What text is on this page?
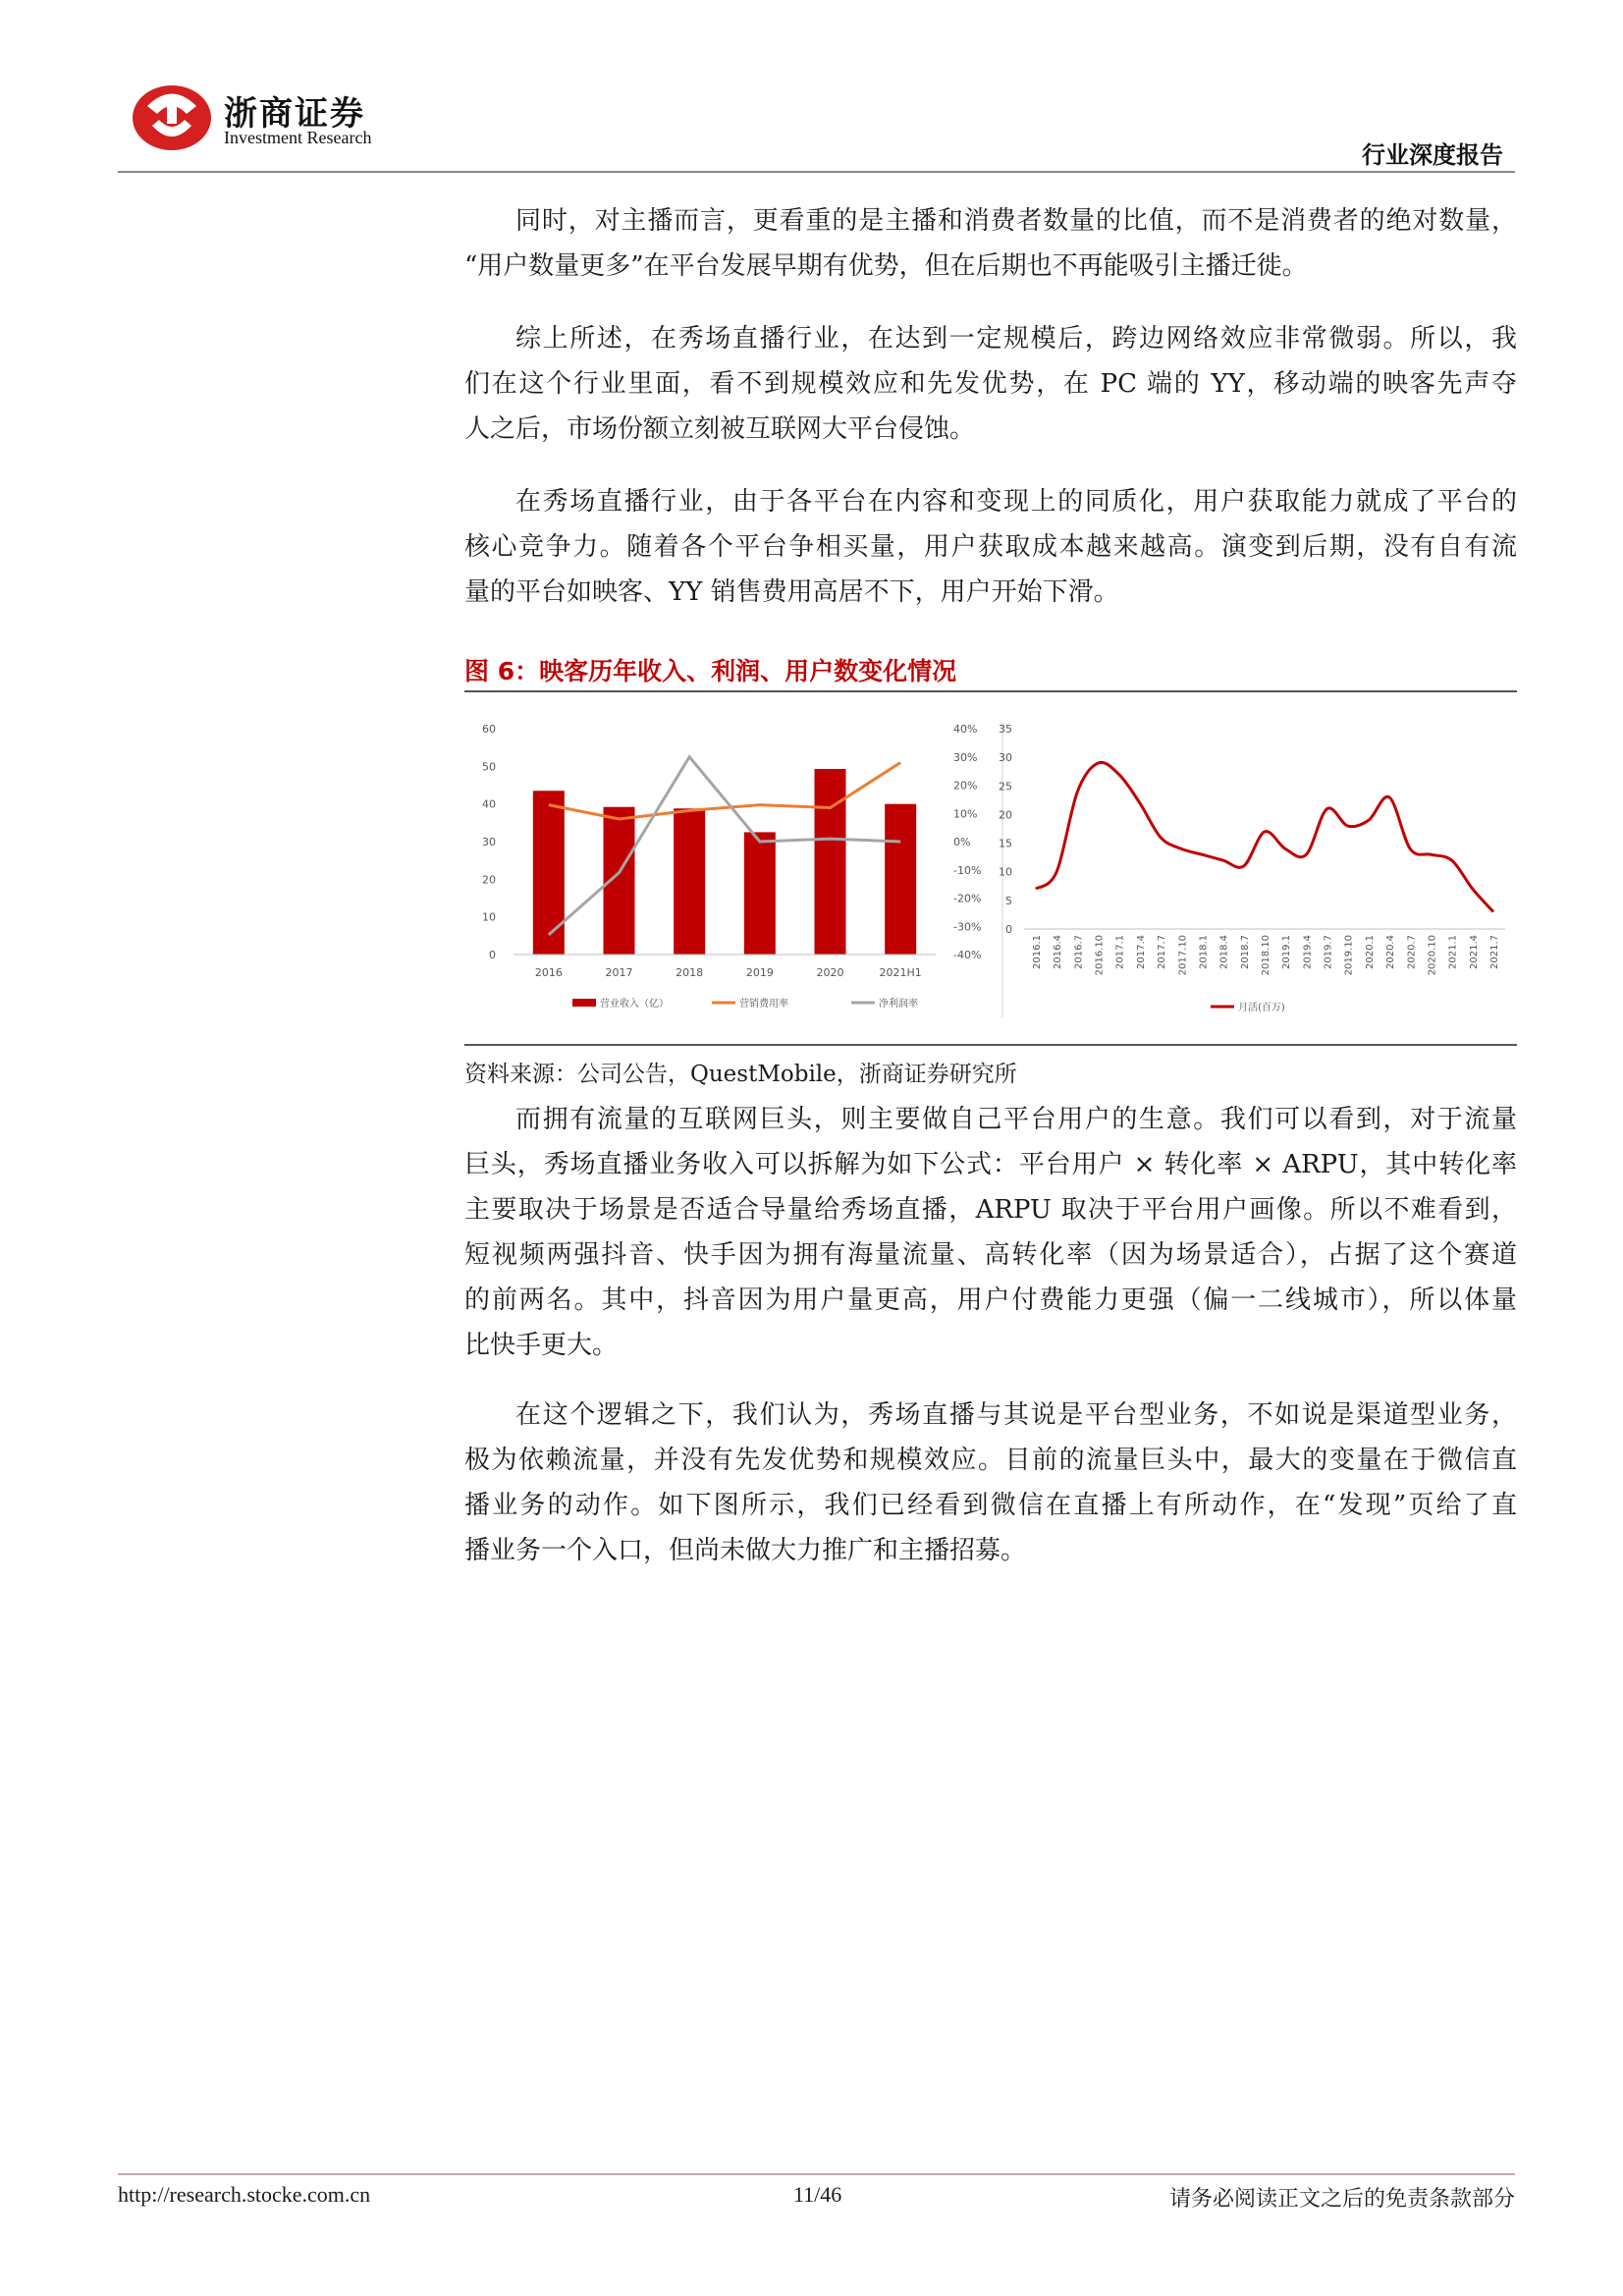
浙商证券
Investment Research
行业深度报告
同时，对主播而言，更看重的是主播和消费者数量的比值，而不是消费者的绝对数量，
“用户数量更多”在平台发展早期有优势，但在后期也不再能吸引主播迁徙。
综上所述，在秀场直播行业，在达到一定规模后，跨边网络效应非常微弱。所以，我
们在这个行业里面，看不到规模效应和先发优势，在 PC 端的 YY，移动端的映客先声夺
人之后，市场份额立刻被互联网大平台侵蚀。
在秀场直播行业，由于各平台在内容和变现上的同质化，用户获取能力就成了平台的
核心竞争力。随着各个平台争相买量，用户获取成本越来越高。演变到后期，没有自有流
量的平台如映客、YY 销售费用高居不下，用户开始下滑。
图 6：映客历年收入、利润、用户数变化情况
60
50
40
30
20
10
0
40%
30%
20%
10%
0%
-10%
-20%
-30%
-40%
2016	2017	2018	2019	2020	2021H1
营业收入（亿）	营销费用率	净利润率
35
30
25
20
15
10
5
0
2016.1 2016.4 2016.7 2016.10 2017.1 2017.4 2017.7 2017.10 2018.1 2018.4 2018.7 2018.10 2019.1 2019.4 2019.7 2019.10 2020.1 2020.4 2020.7 2020.10 2021.1 2021.4 2021.7
月活(百万)
资料来源：公司公告，QuestMobile，浙商证券研究所
而拥有流量的互联网巨头，则主要做自己平台用户的生意。我们可以看到，对于流量
巨头，秀场直播业务收入可以拆解为如下公式：平台用户 × 转化率 × ARPU，其中转化率
主要取决于场景是否适合导量给秀场直播，ARPU 取决于平台用户画像。所以不难看到，
短视频两强抖音、快手因为拥有海量流量、高转化率（因为场景适合），占据了这个赛道
的前两名。其中，抖音因为用户量更高，用户付费能力更强（偏一二线城市），所以体量
比快手更大。
在这个逻辑之下，我们认为，秀场直播与其说是平台型业务，不如说是渠道型业务，
极为依赖流量，并没有先发优势和规模效应。目前的流量巨头中，最大的变量在于微信直
播业务的动作。如下图所示，我们已经看到微信在直播上有所动作，在“发现”页给了直
播业务一个入口，但尚未做大力推广和主播招募。
http://research.stocke.com.cn	11/46	请务必阅读正文之后的免责条款部分
